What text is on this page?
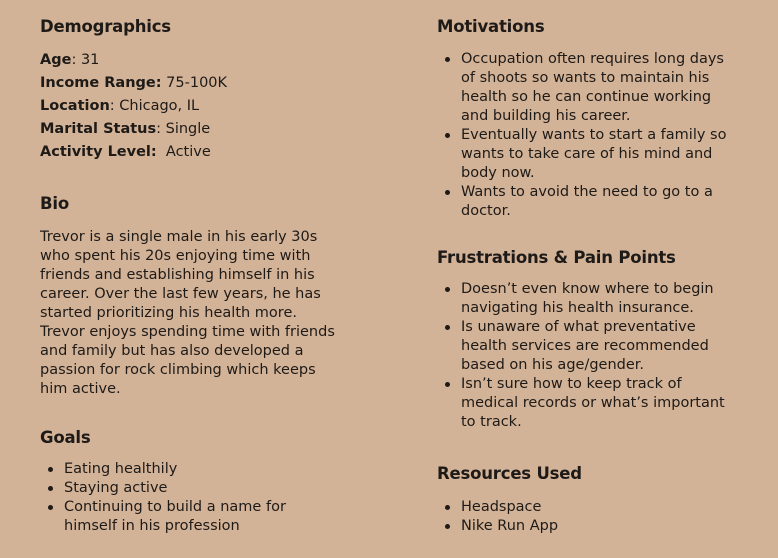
Demographics
Age: 31
Income Range: 75-100K
Location: Chicago, IL
Marital Status: Single
Activity Level: Active
Bio

Trevor is a single male in his early 30s who spent his 20s enjoying time with friends and establishing himself in his career. Over the last few years, he has started prioritizing his health more. Trevor enjoys spending time with friends and family but has also developed a passion for rock climbing which keeps him active.

Goals
Eating healthily
Staying active
Continuing to build a name for himself in his profession
Motivations
Occupation often requires long days of shoots so wants to maintain his health so he can continue working and building his career.
Eventually wants to start a family so wants to take care of his mind and body now.
Wants to avoid the need to go to a doctor.
Frustrations & Pain Points
Doesn’t even know where to begin navigating his health insurance.
Is unaware of what preventative health services are recommended based on his age/gender.
Isn’t sure how to keep track of medical records or what’s important to track.
Resources Used
Headspace
Nike Run App
